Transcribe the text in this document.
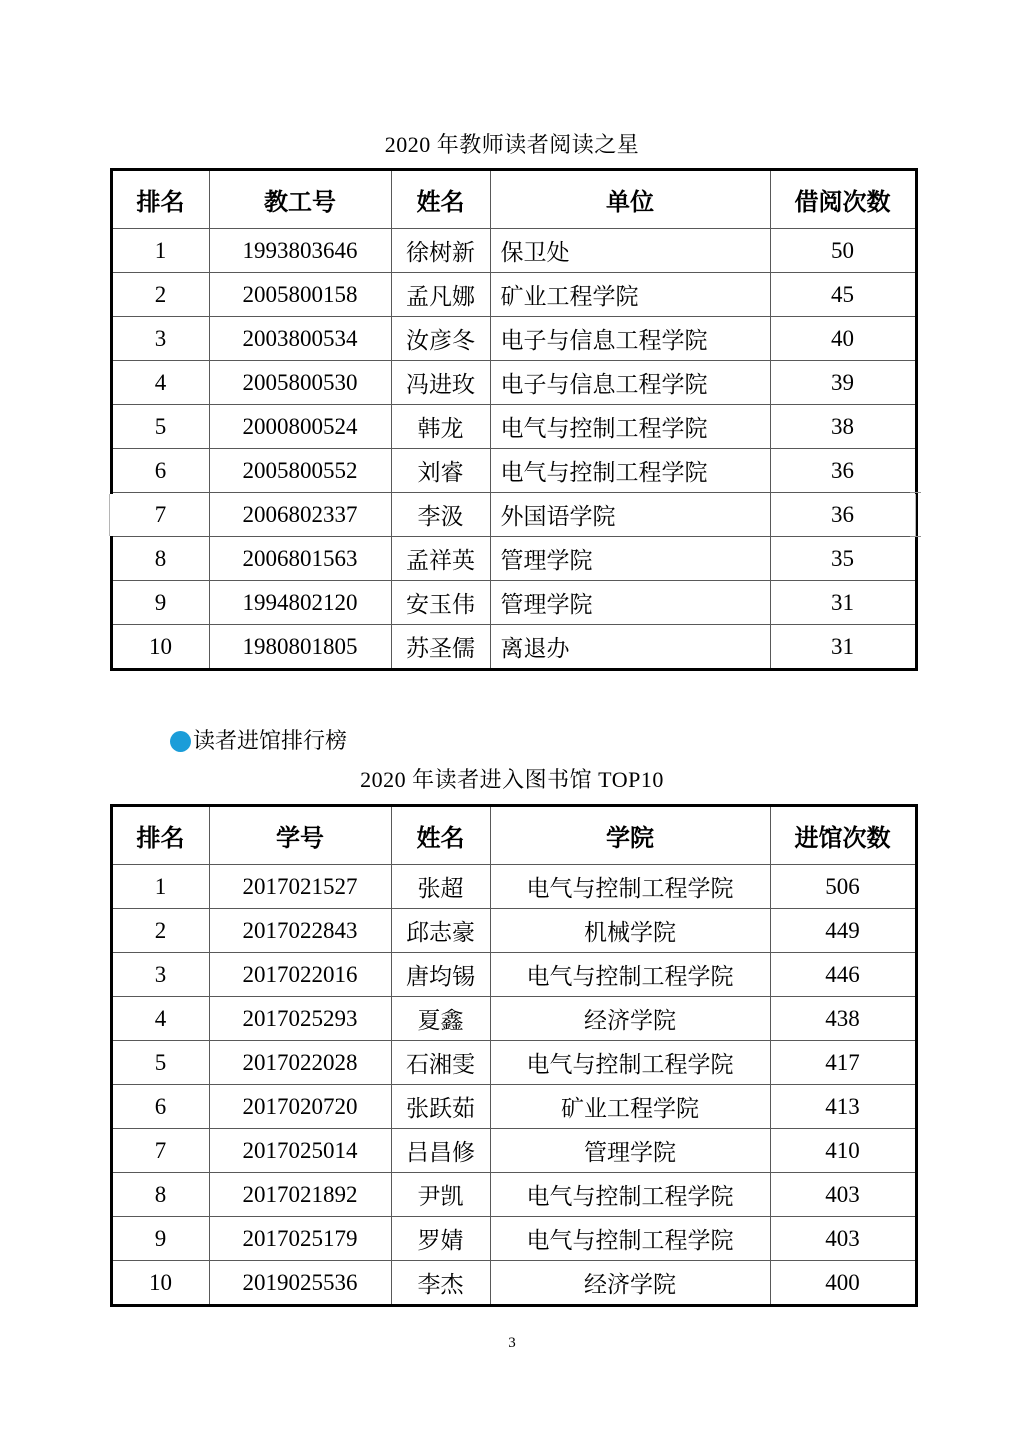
2020 年教师读者阅读之星
排名	教工号	姓名	单位	借阅次数
1	1993803646	徐树新	保卫处	50
2	2005800158	孟凡娜	矿业工程学院	45
3	2003800534	汝彦冬	电子与信息工程学院	40
4	2005800530	冯进玫	电子与信息工程学院	39
5	2000800524	韩龙	电气与控制工程学院	38
6	2005800552	刘睿	电气与控制工程学院	36
7	2006802337	李汲	外国语学院	36
8	2006801563	孟祥英	管理学院	35
9	1994802120	安玉伟	管理学院	31
10	1980801805	苏圣儒	离退办	31
读者进馆排行榜
2020 年读者进入图书馆 TOP10
排名	学号	姓名	学院	进馆次数
1	2017021527	张超	电气与控制工程学院	506
2	2017022843	邱志豪	机械学院	449
3	2017022016	唐均锡	电气与控制工程学院	446
4	2017025293	夏鑫	经济学院	438
5	2017022028	石湘雯	电气与控制工程学院	417
6	2017020720	张跃茹	矿业工程学院	413
7	2017025014	吕昌修	管理学院	410
8	2017021892	尹凯	电气与控制工程学院	403
9	2017025179	罗婧	电气与控制工程学院	403
10	2019025536	李杰	经济学院	400
3
